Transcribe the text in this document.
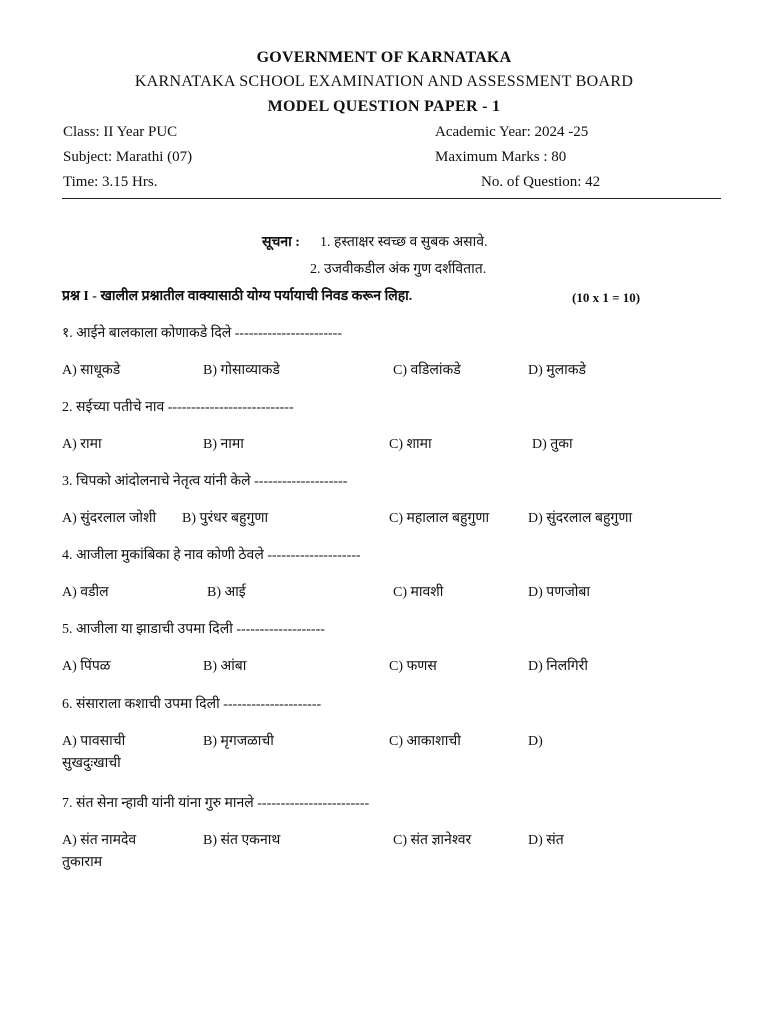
GOVERNMENT OF KARNATAKA
KARNATAKA SCHOOL EXAMINATION AND ASSESSMENT BOARD
MODEL QUESTION PAPER - 1
Class: II Year PUC	Academic Year: 2024 -25
Subject: Marathi (07)	Maximum Marks : 80
Time: 3.15 Hrs.	No. of Question: 42
सूचना : 1. हस्ताक्षर स्वच्छ व सुबक असावे.
2. उजवीकडील अंक गुण दर्शवितात.
प्रश्न I - खालील प्रश्नातील वाक्यासाठी योग्य पर्यायाची निवड करून लिहा.	(10 x 1 = 10)
१. आईने बालकाला कोणाकडे दिले -----------------------
A) साधूकडे	B) गोसाव्याकडे	C) वडिलांकडे	D) मुलाकडे
2. सईच्या पतीचे नाव ---------------------------
A) रामा	B) नामा	C) शामा	D) तुका
3. चिपको आंदोलनाचे नेतृत्व यांनी केले --------------------
A) सुंदरलाल जोशी B) पुरंधर बहुगुणा	C) महालाल बहुगुणा	D) सुंदरलाल बहुगुणा
4. आजीला मुकांबिका हे नाव कोणी ठेवले --------------------
A) वडील	B) आई	C) मावशी	D) पणजोबा
5. आजीला या झाडाची उपमा दिली -------------------
A) पिंपळ	B) आंबा	C) फणस	D) निलगिरी
6. संसाराला कशाची उपमा दिली ---------------------
A) पावसाची	B) मृगजळाची	C) आकाशाची	D)
सुखदुःखाची
7. संत सेना न्हावी यांनी यांना गुरु मानले ------------------------
A) संत नामदेव	B) संत एकनाथ	C) संत ज्ञानेश्वर	D) संत
तुकाराम
